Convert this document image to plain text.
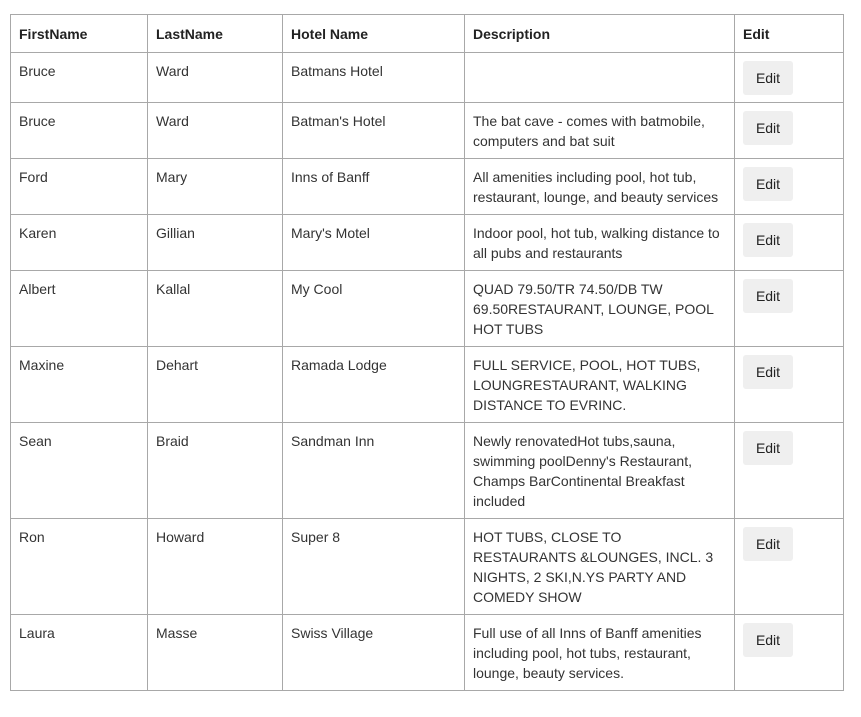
FirstName	LastName	Hotel Name	Description	Edit
Bruce	Ward	Batmans Hotel		Edit
Bruce	Ward	Batman's Hotel	The bat cave - comes with batmobile, computers and bat suit	Edit
Ford	Mary	Inns of Banff	All amenities including pool, hot tub, restaurant, lounge, and beauty services	Edit
Karen	Gillian	Mary's Motel	Indoor pool, hot tub, walking distance to all pubs and restaurants	Edit
Albert	Kallal	My Cool	QUAD 79.50/TR 74.50/DB TW 69.50RESTAURANT, LOUNGE, POOL HOT TUBS	Edit
Maxine	Dehart	Ramada Lodge	FULL SERVICE, POOL, HOT TUBS, LOUNGRESTAURANT, WALKING DISTANCE TO EVRINC.	Edit
Sean	Braid	Sandman Inn	Newly renovatedHot tubs,sauna, swimming poolDenny's Restaurant, Champs BarContinental Breakfast included	Edit
Ron	Howard	Super 8	HOT TUBS, CLOSE TO RESTAURANTS &LOUNGES, INCL. 3 NIGHTS, 2 SKI,N.YS PARTY AND COMEDY SHOW	Edit
Laura	Masse	Swiss Village	Full use of all Inns of Banff amenities including pool, hot tubs, restaurant, lounge, beauty services.	Edit
